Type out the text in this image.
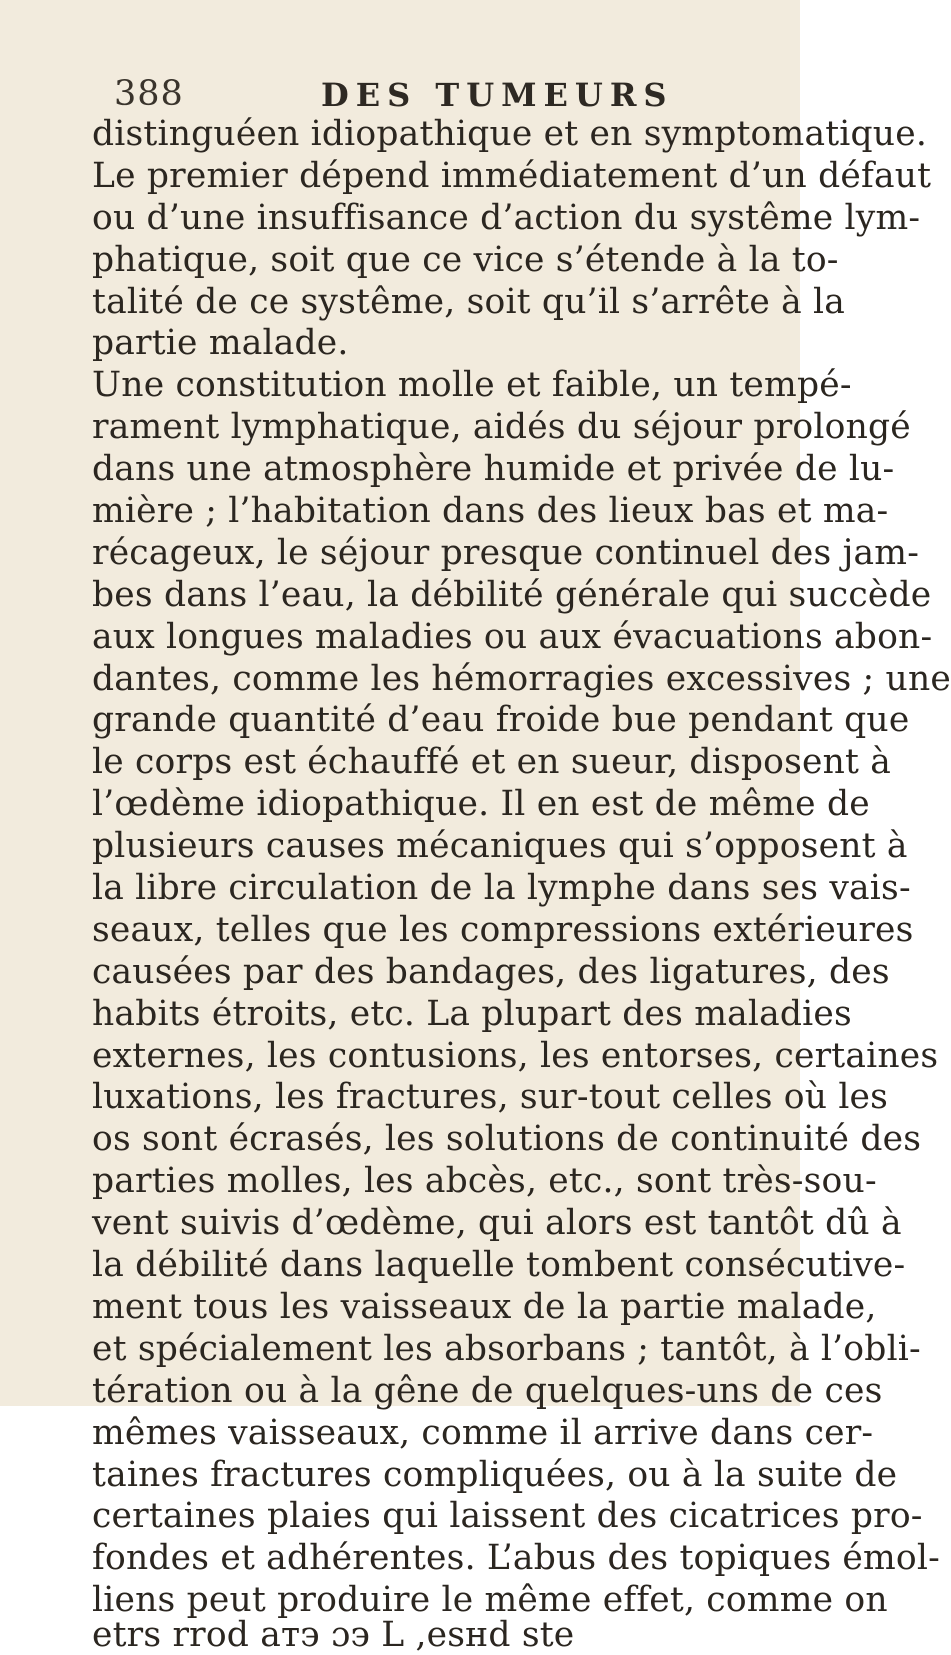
388	DES TUMEURS
distinguéen idiopathique et en symptomatique.
Le premier dépend immédiatement d’un défaut
ou d’une insuffisance d’action du systême lym-
phatique, soit que ce vice s’étende à la to-
talité de ce systême, soit qu’il s’arrête à la
partie malade.
Une constitution molle et faible, un tempé-
rament lymphatique, aidés du séjour prolongé
dans une atmosphère humide et privée de lu-
mière ; l’habitation dans des lieux bas et ma-
récageux, le séjour presque continuel des jam-
bes dans l’eau, la débilité générale qui succède
aux longues maladies ou aux évacuations abon-
dantes, comme les hémorragies excessives ; une
grande quantité d’eau froide bue pendant que
le corps est échauffé et en sueur, disposent à
l’œdème idiopathique. Il en est de même de
plusieurs causes mécaniques qui s’opposent à
la libre circulation de la lymphe dans ses vais-
seaux, telles que les compressions extérieures
causées par des bandages, des ligatures, des
habits étroits, etc. La plupart des maladies
externes, les contusions, les entorses, certaines
luxations, les fractures, sur-tout celles où les
os sont écrasés, les solutions de continuité des
parties molles, les abcès, etc., sont très-sou-
vent suivis d’œdème, qui alors est tantôt dû à
la débilité dans laquelle tombent consécutive-
ment tous les vaisseaux de la partie malade,
et spécialement les absorbans ; tantôt, à l’obli-
tération ou à la gêne de quelques-uns de ces
mêmes vaisseaux, comme il arrive dans cer-
taines fractures compliquées, ou à la suite de
certaines plaies qui laissent des cicatrices pro-
fondes et adhérentes. L’abus des topiques émol-
liens peut produire le même effet, comme on
etrs rrod aтэ ɔэ L ,esнd ste
